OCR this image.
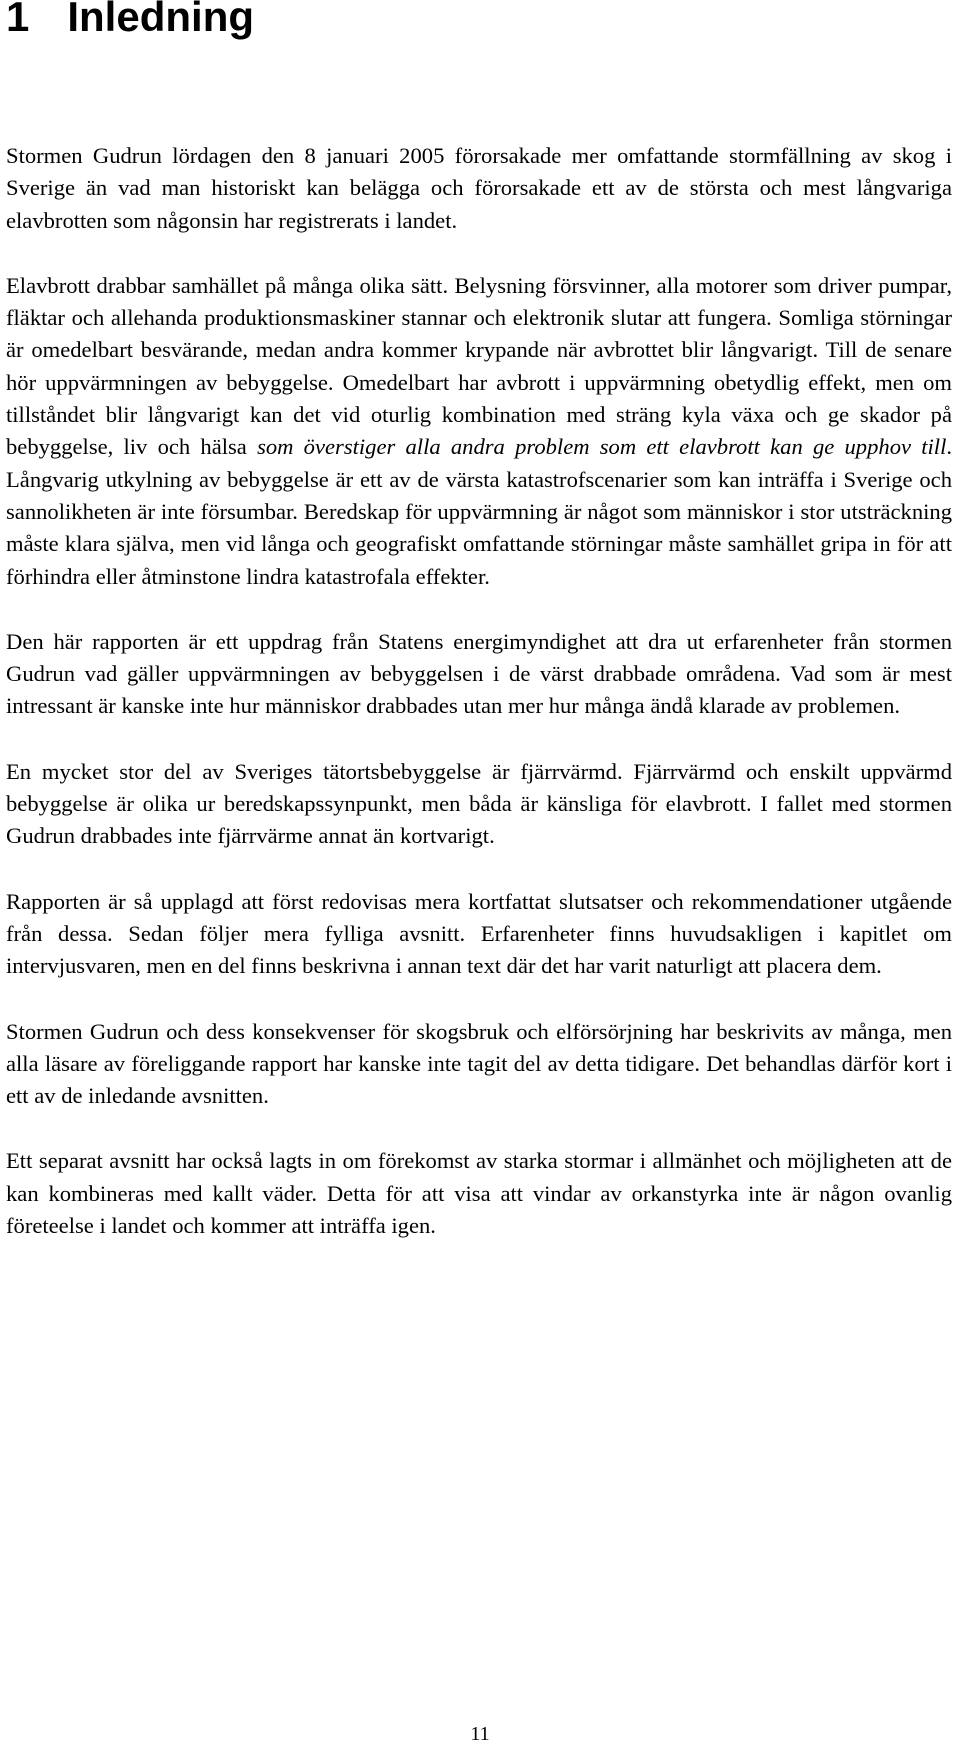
1 Inledning

Stormen Gudrun lördagen den 8 januari 2005 förorsakade mer omfattande stormfällning av skog i Sverige än vad man historiskt kan belägga och förorsakade ett av de största och mest långvariga elavbrotten som någonsin har registrerats i landet.

Elavbrott drabbar samhället på många olika sätt. Belysning försvinner, alla motorer som driver pumpar, fläktar och allehanda produktionsmaskiner stannar och elektronik slutar att fungera. Somliga störningar är omedelbart besvärande, medan andra kommer krypande när avbrottet blir långvarigt. Till de senare hör uppvärmningen av bebyggelse. Omedelbart har avbrott i uppvärmning obetydlig effekt, men om tillståndet blir långvarigt kan det vid oturlig kombination med sträng kyla växa och ge skador på bebyggelse, liv och hälsa som överstiger alla andra problem som ett elavbrott kan ge upphov till. Långvarig utkylning av bebyggelse är ett av de värsta katastrofscenarier som kan inträffa i Sverige och sannolikheten är inte försumbar. Beredskap för uppvärmning är något som människor i stor utsträckning måste klara själva, men vid långa och geografiskt omfattande störningar måste samhället gripa in för att förhindra eller åtminstone lindra katastrofala effekter.

Den här rapporten är ett uppdrag från Statens energimyndighet att dra ut erfarenheter från stormen Gudrun vad gäller uppvärmningen av bebyggelsen i de värst drabbade områdena. Vad som är mest intressant är kanske inte hur människor drabbades utan mer hur många ändå klarade av problemen.

En mycket stor del av Sveriges tätortsbebyggelse är fjärrvärmd. Fjärrvärmd och enskilt uppvärmd bebyggelse är olika ur beredskapssynpunkt, men båda är känsliga för elavbrott. I fallet med stormen Gudrun drabbades inte fjärrvärme annat än kortvarigt.

Rapporten är så upplagd att först redovisas mera kortfattat slutsatser och rekommendationer utgående från dessa. Sedan följer mera fylliga avsnitt. Erfarenheter finns huvudsakligen i kapitlet om intervjusvaren, men en del finns beskrivna i annan text där det har varit naturligt att placera dem.

Stormen Gudrun och dess konsekvenser för skogsbruk och elförsörjning har beskrivits av många, men alla läsare av föreliggande rapport har kanske inte tagit del av detta tidigare. Det behandlas därför kort i ett av de inledande avsnitten.

Ett separat avsnitt har också lagts in om förekomst av starka stormar i allmänhet och möjligheten att de kan kombineras med kallt väder. Detta för att visa att vindar av orkanstyrka inte är någon ovanlig företeelse i landet och kommer att inträffa igen.

11
